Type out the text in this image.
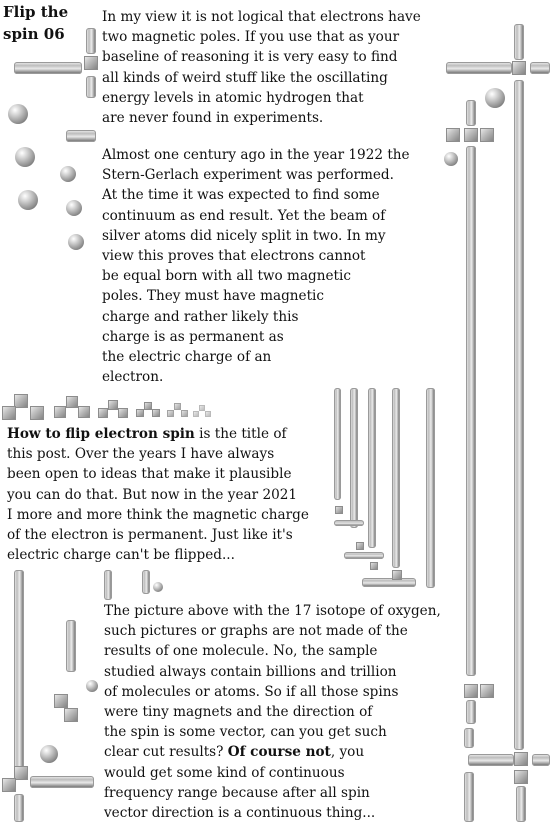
Flip the
spin 06
In my view it is not logical that electrons have
two magnetic poles. If you use that as your
baseline of reasoning it is very easy to find
all kinds of weird stuff like the oscillating
energy levels in atomic hydrogen that
are never found in experiments.
Almost one century ago in the year 1922 the
Stern-Gerlach experiment was performed.
At the time it was expected to find some
continuum as end result. Yet the beam of
silver atoms did nicely split in two. In my
view this proves that electrons cannot
be equal born with all two magnetic
poles. They must have magnetic
charge and rather likely this
charge is as permanent as
the electric charge of an
electron.
How to flip electron spin is the title of
this post. Over the years I have always
been open to ideas that make it plausible
you can do that. But now in the year 2021
I more and more think the magnetic charge
of the electron is permanent. Just like it's
electric charge can't be flipped...
The picture above with the 17 isotope of oxygen,
such pictures or graphs are not made of the
results of one molecule. No, the sample
studied always contain billions and trillion
of molecules or atoms. So if all those spins
were tiny magnets and the direction of
the spin is some vector, can you get such
clear cut results? Of course not, you
would get some kind of continuous
frequency range because after all spin
vector direction is a continuous thing...
